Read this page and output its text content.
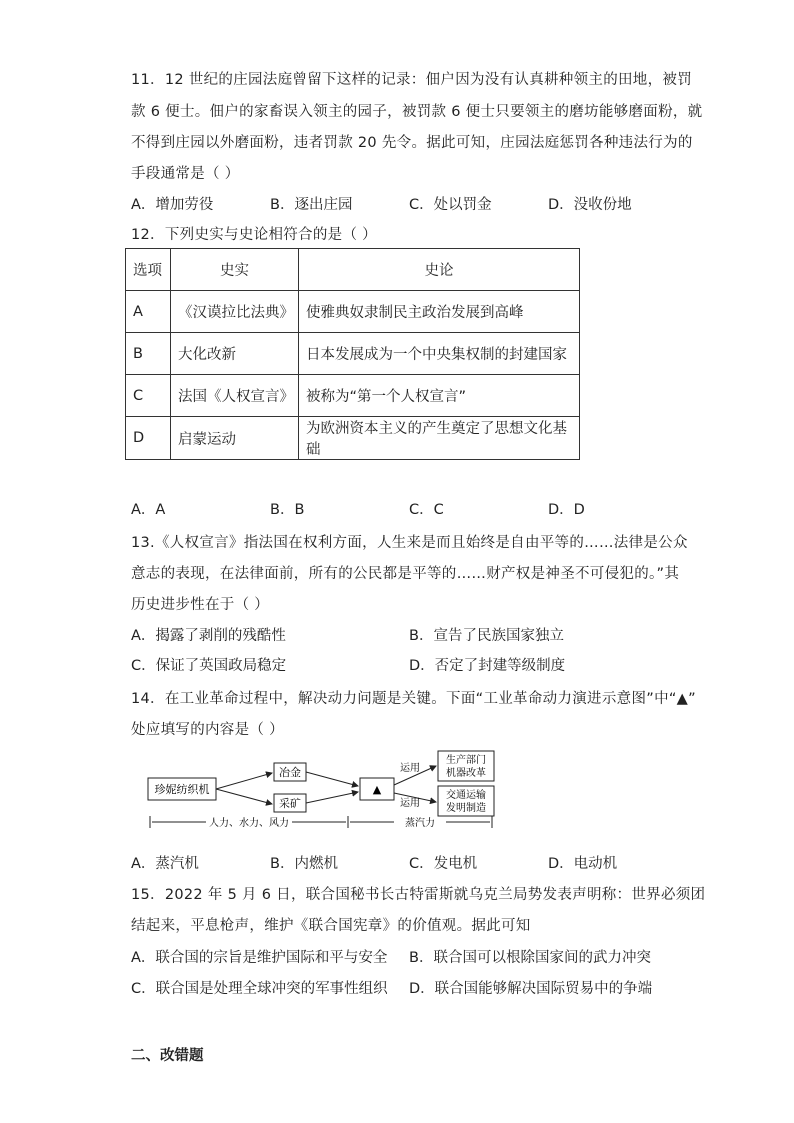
11．12 世纪的庄园法庭曾留下这样的记录：佃户因为没有认真耕种领主的田地，被罚
款 6 便士。佃户的家畜误入领主的园子，被罚款 6 便士只要领主的磨坊能够磨面粉，就
不得到庄园以外磨面粉，违者罚款 20 先令。据此可知，庄园法庭惩罚各种违法行为的
手段通常是（ ）
A．增加劳役	B．逐出庄园	C．处以罚金	D．没收份地
12．下列史实与史论相符合的是（ ）
选项	史实	史论
A	《汉谟拉比法典》	使雅典奴隶制民主政治发展到高峰
B	大化改新	日本发展成为一个中央集权制的封建国家
C	法国《人权宣言》	被称为“第一个人权宣言”
D	启蒙运动	为欧洲资本主义的产生奠定了思想文化基础
A．A	B．B	C．C	D．D
13.《人权宣言》指法国在权利方面，人生来是而且始终是自由平等的……法律是公众
意志的表现，在法律面前，所有的公民都是平等的……财产权是神圣不可侵犯的。”其
历史进步性在于（ ）
A．揭露了剥削的残酷性	B．宣告了民族国家独立
C．保证了英国政局稳定	D．否定了封建等级制度
14．在工业革命过程中，解决动力问题是关键。下面“工业革命动力演进示意图”中“▲”
处应填写的内容是（ ）
珍妮纺织机
冶金
采矿
▲
运用
运用
生产部门
机器改革
交通运输
发明制造
人力、水力、风力	蒸汽力
A．蒸汽机	B．内燃机	C．发电机	D．电动机
15．2022 年 5 月 6 日，联合国秘书长古特雷斯就乌克兰局势发表声明称：世界必须团
结起来，平息枪声，维护《联合国宪章》的价值观。据此可知
A．联合国的宗旨是维护国际和平与安全 B．联合国可以根除国家间的武力冲突
C．联合国是处理全球冲突的军事性组织 D．联合国能够解决国际贸易中的争端
二、改错题
